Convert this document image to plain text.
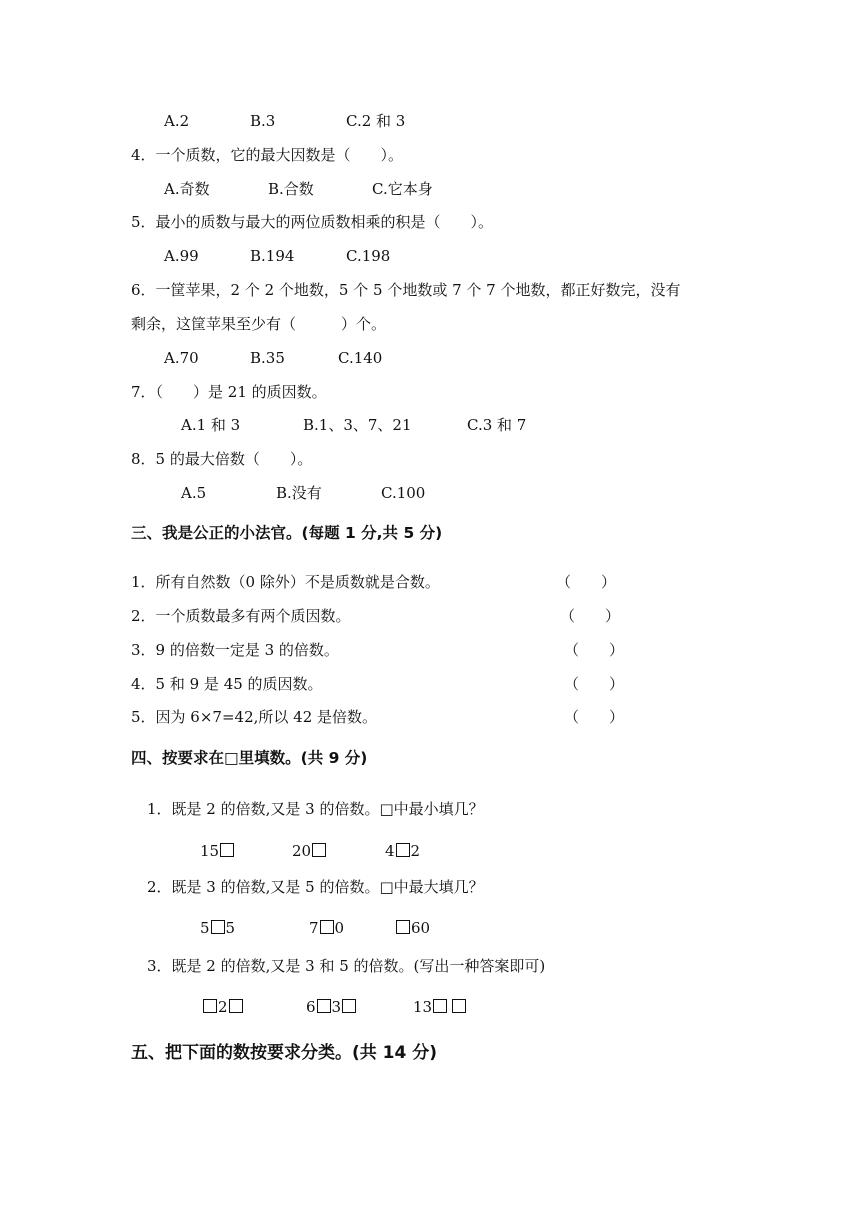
A.2	B.3	C.2 和 3
4．一个质数，它的最大因数是（　　）。
A.奇数	B.合数	C.它本身
5．最小的质数与最大的两位质数相乘的积是（　　）。
A.99	B.194	C.198
6．一筐苹果，2 个 2 个地数，5 个 5 个地数或 7 个 7 个地数，都正好数完，没有
剩余，这筐苹果至少有（　　　）个。
A.70	B.35	C.140
7．（　　）是 21 的质因数。
A.1 和 3	B.1、3、7、21	C.3 和 7
8．5 的最大倍数（　　）。
A.5	B.没有	C.100
三、我是公正的小法官。(每题 1 分,共 5 分)
1．所有自然数（0 除外）不是质数就是合数。	（　　）
2．一个质数最多有两个质因数。	（　　）
3．9 的倍数一定是 3 的倍数。	（　　）
4．5 和 9 是 45 的质因数。	（　　）
5．因为 6×7=42,所以 42 是倍数。	（　　）
四、按要求在□里填数。(共 9 分)
1．既是 2 的倍数,又是 3 的倍数。□中最小填几？
15	20	4 2
2．既是 3 的倍数,又是 5 的倍数。□中最大填几？
5 5	7 0	60
3．既是 2 的倍数,又是 3 和 5 的倍数。(写出一种答案即可)
2	6 3	13
五、把下面的数按要求分类。(共 14 分)
